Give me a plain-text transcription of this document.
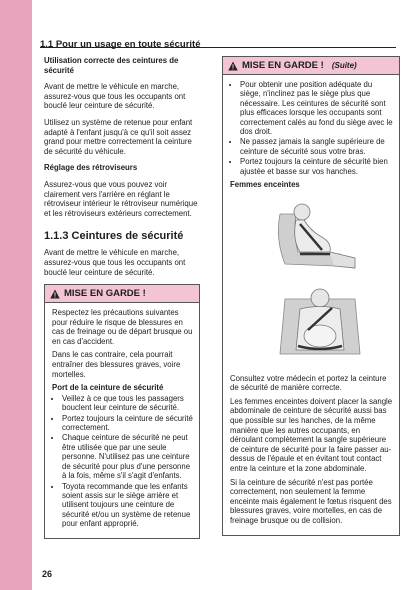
1.1 Pour un usage en toute sécurité

Utilisation correcte des ceintures de sécurité

Avant de mettre le véhicule en marche, assurez-vous que tous les occupants ont bouclé leur ceinture de sécurité.

Utilisez un système de retenue pour enfant adapté à l'enfant jusqu'à ce qu'il soit assez grand pour mettre correctement la ceinture de sécurité du véhicule.

Réglage des rétroviseurs

Assurez-vous que vous pouvez voir clairement vers l'arrière en réglant le rétroviseur intérieur le rétroviseur numérique et les rétroviseurs extérieurs correctement.

1.1.3 Ceintures de sécurité

Avant de mettre le véhicule en marche, assurez-vous que tous les occupants ont bouclé leur ceinture de sécurité.

MISE EN GARDE !

Respectez les précautions suivantes pour réduire le risque de blessures en cas de freinage ou de départ brusque ou en cas d'accident.

Dans le cas contraire, cela pourrait entraîner des blessures graves, voire mortelles.

Port de la ceinture de sécurité

• Veillez à ce que tous les passagers bouclent leur ceinture de sécurité.
• Portez toujours la ceinture de sécurité correctement.
• Chaque ceinture de sécurité ne peut être utilisée que par une seule personne. N'utilisez pas une ceinture de sécurité pour plus d'une personne à la fois, même s'il s'agit d'enfants.
• Toyota recommande que les enfants soient assis sur le siège arrière et utilisent toujours une ceinture de sécurité et/ou un système de retenue pour enfant approprié.
MISE EN GARDE ! (Suite)
• Pour obtenir une position adéquate du siège, n'inclinez pas le siège plus que nécessaire. Les ceintures de sécurité sont plus efficaces lorsque les occupants sont correctement calés au fond du siège avec le dos droit.
• Ne passez jamais la sangle supérieure de ceinture de sécurité sous votre bras.
• Portez toujours la ceinture de sécurité bien ajustée et basse sur vos hanches.

Femmes enceintes

Consultez votre médecin et portez la ceinture de sécurité de manière correcte.

Les femmes enceintes doivent placer la sangle abdominale de ceinture de sécurité aussi bas que possible sur les hanches, de la même manière que les autres occupants, en déroulant complètement la sangle supérieure de ceinture de sécurité pour la faire passer au-dessus de l'épaule et en évitant tout contact entre la ceinture et la zone abdominale.

Si la ceinture de sécurité n'est pas portée correctement, non seulement la femme enceinte mais également le fœtus risquent des blessures graves, voire mortelles, en cas de freinage brusque ou de collision.

26
